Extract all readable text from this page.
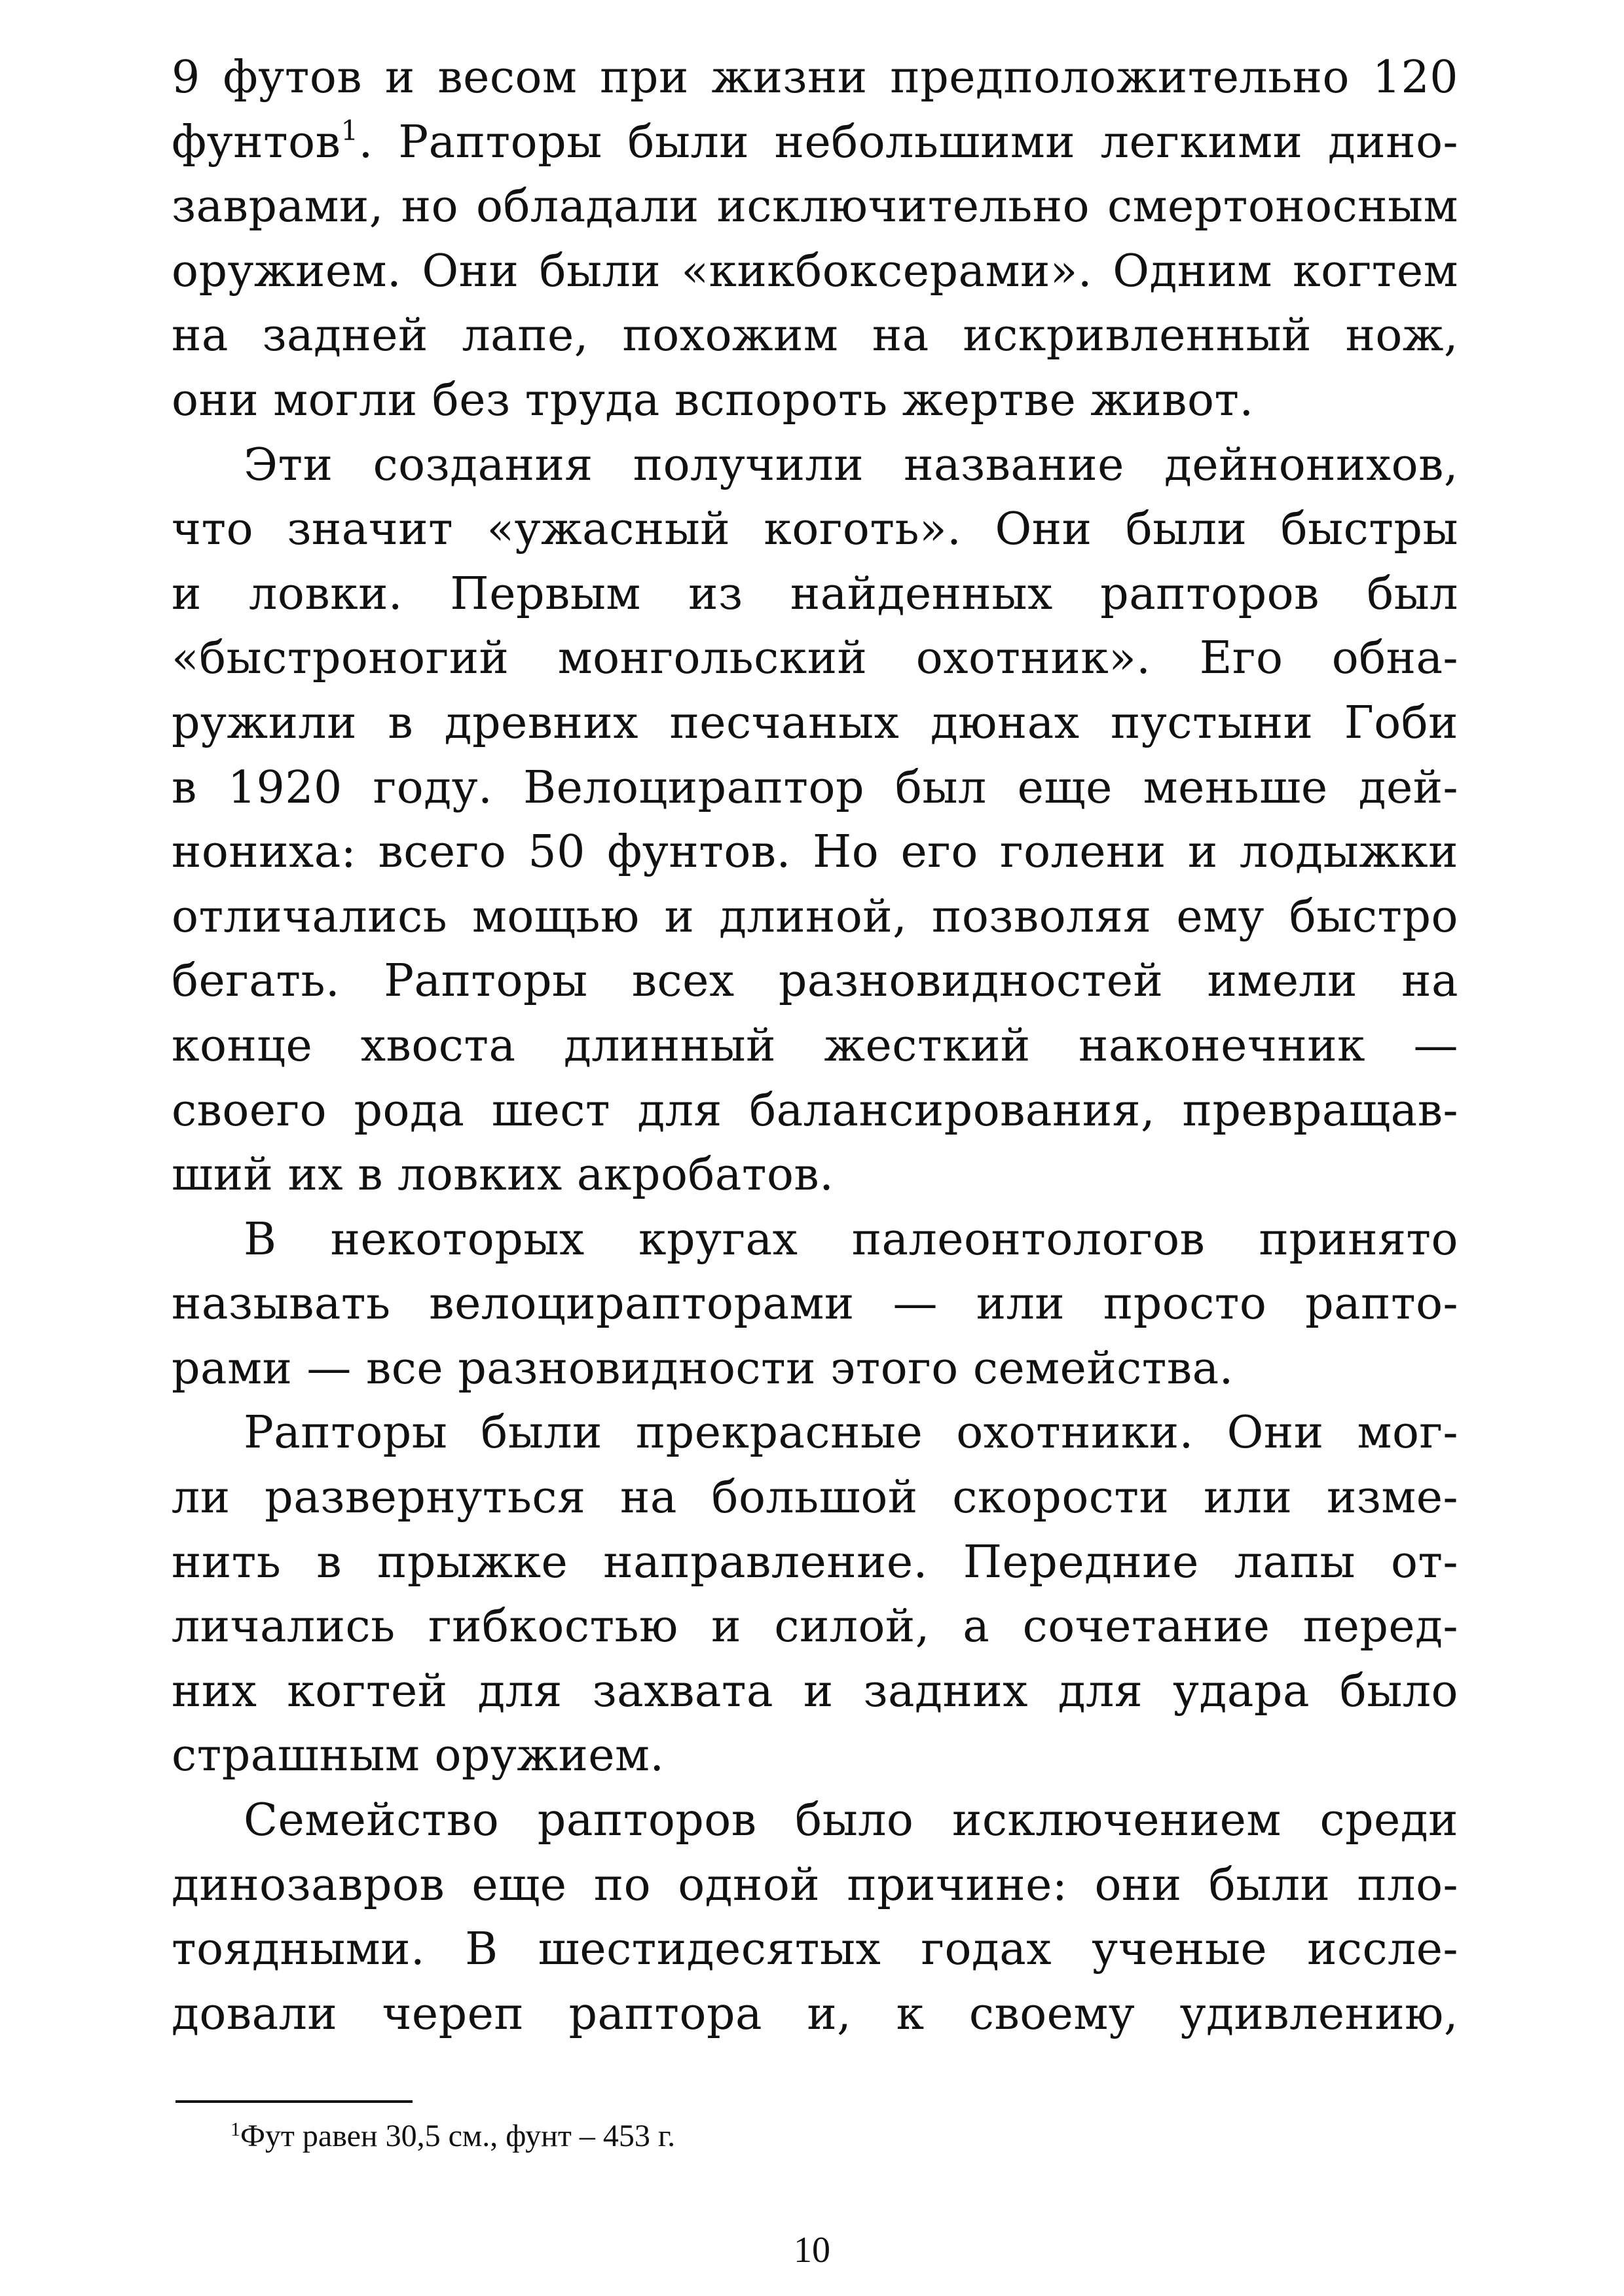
9 футов и весом при жизни предположительно 120
фунтов$^1$. Рапторы были небольшими легкими дино-
заврами, но обладали исключительно смертоносным
оружием. Они были «кикбоксерами». Одним когтем
на задней лапе, похожим на искривленный нож,
они могли без труда вспороть жертве живот.
Эти создания получили название дейнонихов,
что значит «ужасный коготь». Они были быстры
и ловки. Первым из найденных рапторов был
«быстроногий монгольский охотник». Его обна-
ружили в древних песчаных дюнах пустыни Гоби
в 1920 году. Велоцираптор был еще меньше дей-
нониха: всего 50 фунтов. Но его голени и лодыжки
отличались мощью и длиной, позволяя ему быстро
бегать. Рапторы всех разновидностей имели на
конце хвоста длинный жесткий наконечник —
своего рода шест для балансирования, превращав-
ший их в ловких акробатов.
В некоторых кругах палеонтологов принято
называть велоцирапторами — или просто рапто-
рами — все разновидности этого семейства.
Рапторы были прекрасные охотники. Они мог-
ли развернуться на большой скорости или изме-
нить в прыжке направление. Передние лапы от-
личались гибкостью и силой, а сочетание перед-
них когтей для захвата и задних для удара было
страшным оружием.
Семейство рапторов было исключением среди
динозавров еще по одной причине: они были пло-
тоядными. В шестидесятых годах ученые иссле-
довали череп раптора и, к своему удивлению,
$^1$Фут равен 30,5 см., фунт – 453 г.
10
